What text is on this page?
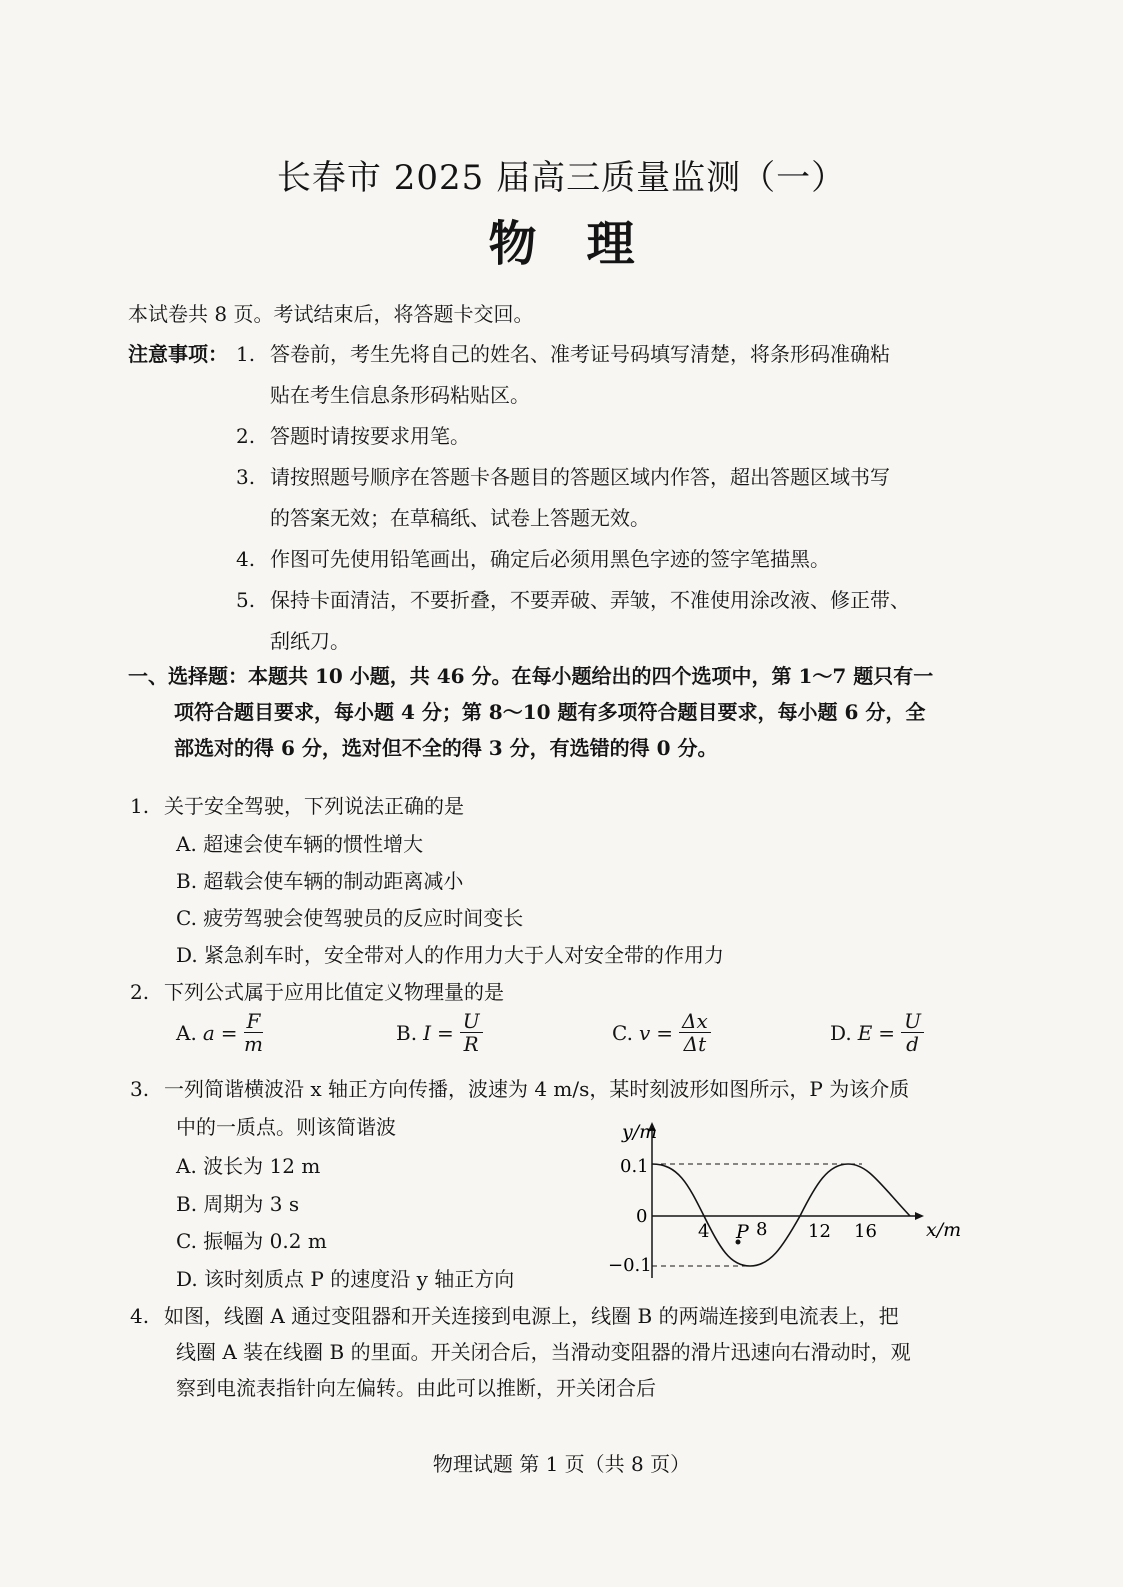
长春市 2025 届高三质量监测（一）
物理
本试卷共 8 页。考试结束后，将答题卡交回。
注意事项： 1. 答卷前，考生先将自己的姓名、准考证号码填写清楚，将条形码准确粘
贴在考生信息条形码粘贴区。
2. 答题时请按要求用笔。
3. 请按照题号顺序在答题卡各题目的答题区域内作答，超出答题区域书写
的答案无效；在草稿纸、试卷上答题无效。
4. 作图可先使用铅笔画出，确定后必须用黑色字迹的签字笔描黑。
5. 保持卡面清洁，不要折叠，不要弄破、弄皱，不准使用涂改液、修正带、
刮纸刀。
一、选择题：本题共 10 小题，共 46 分。在每小题给出的四个选项中，第 1～7 题只有一
项符合题目要求，每小题 4 分；第 8～10 题有多项符合题目要求，每小题 6 分，全
部选对的得 6 分，选对但不全的得 3 分，有选错的得 0 分。
1. 关于安全驾驶，下列说法正确的是
A. 超速会使车辆的惯性增大
B. 超载会使车辆的制动距离减小
C. 疲劳驾驶会使驾驶员的反应时间变长
D. 紧急刹车时，安全带对人的作用力大于人对安全带的作用力
2. 下列公式属于应用比值定义物理量的是
A. $a = \frac{F}{m}$	B. $I = \frac{U}{R}$	C. $v = \frac{\Delta x}{\Delta t}$	D. $E = \frac{U}{d}$
3. 一列简谐横波沿 x 轴正方向传播，波速为 4 m/s，某时刻波形如图所示，P 为该介质
中的一质点。则该简谐波
A. 波长为 12 m
B. 周期为 3 s
C. 振幅为 0.2 m
D. 该时刻质点 P 的速度沿 y 轴正方向
P
y/m
x/m
0
0.1
−0.1
4	8 12 16
4. 如图，线圈 A 通过变阻器和开关连接到电源上，线圈 B 的两端连接到电流表上，把
线圈 A 装在线圈 B 的里面。开关闭合后，当滑动变阻器的滑片迅速向右滑动时，观
察到电流表指针向左偏转。由此可以推断，开关闭合后
物理试题 第 1 页（共 8 页）
